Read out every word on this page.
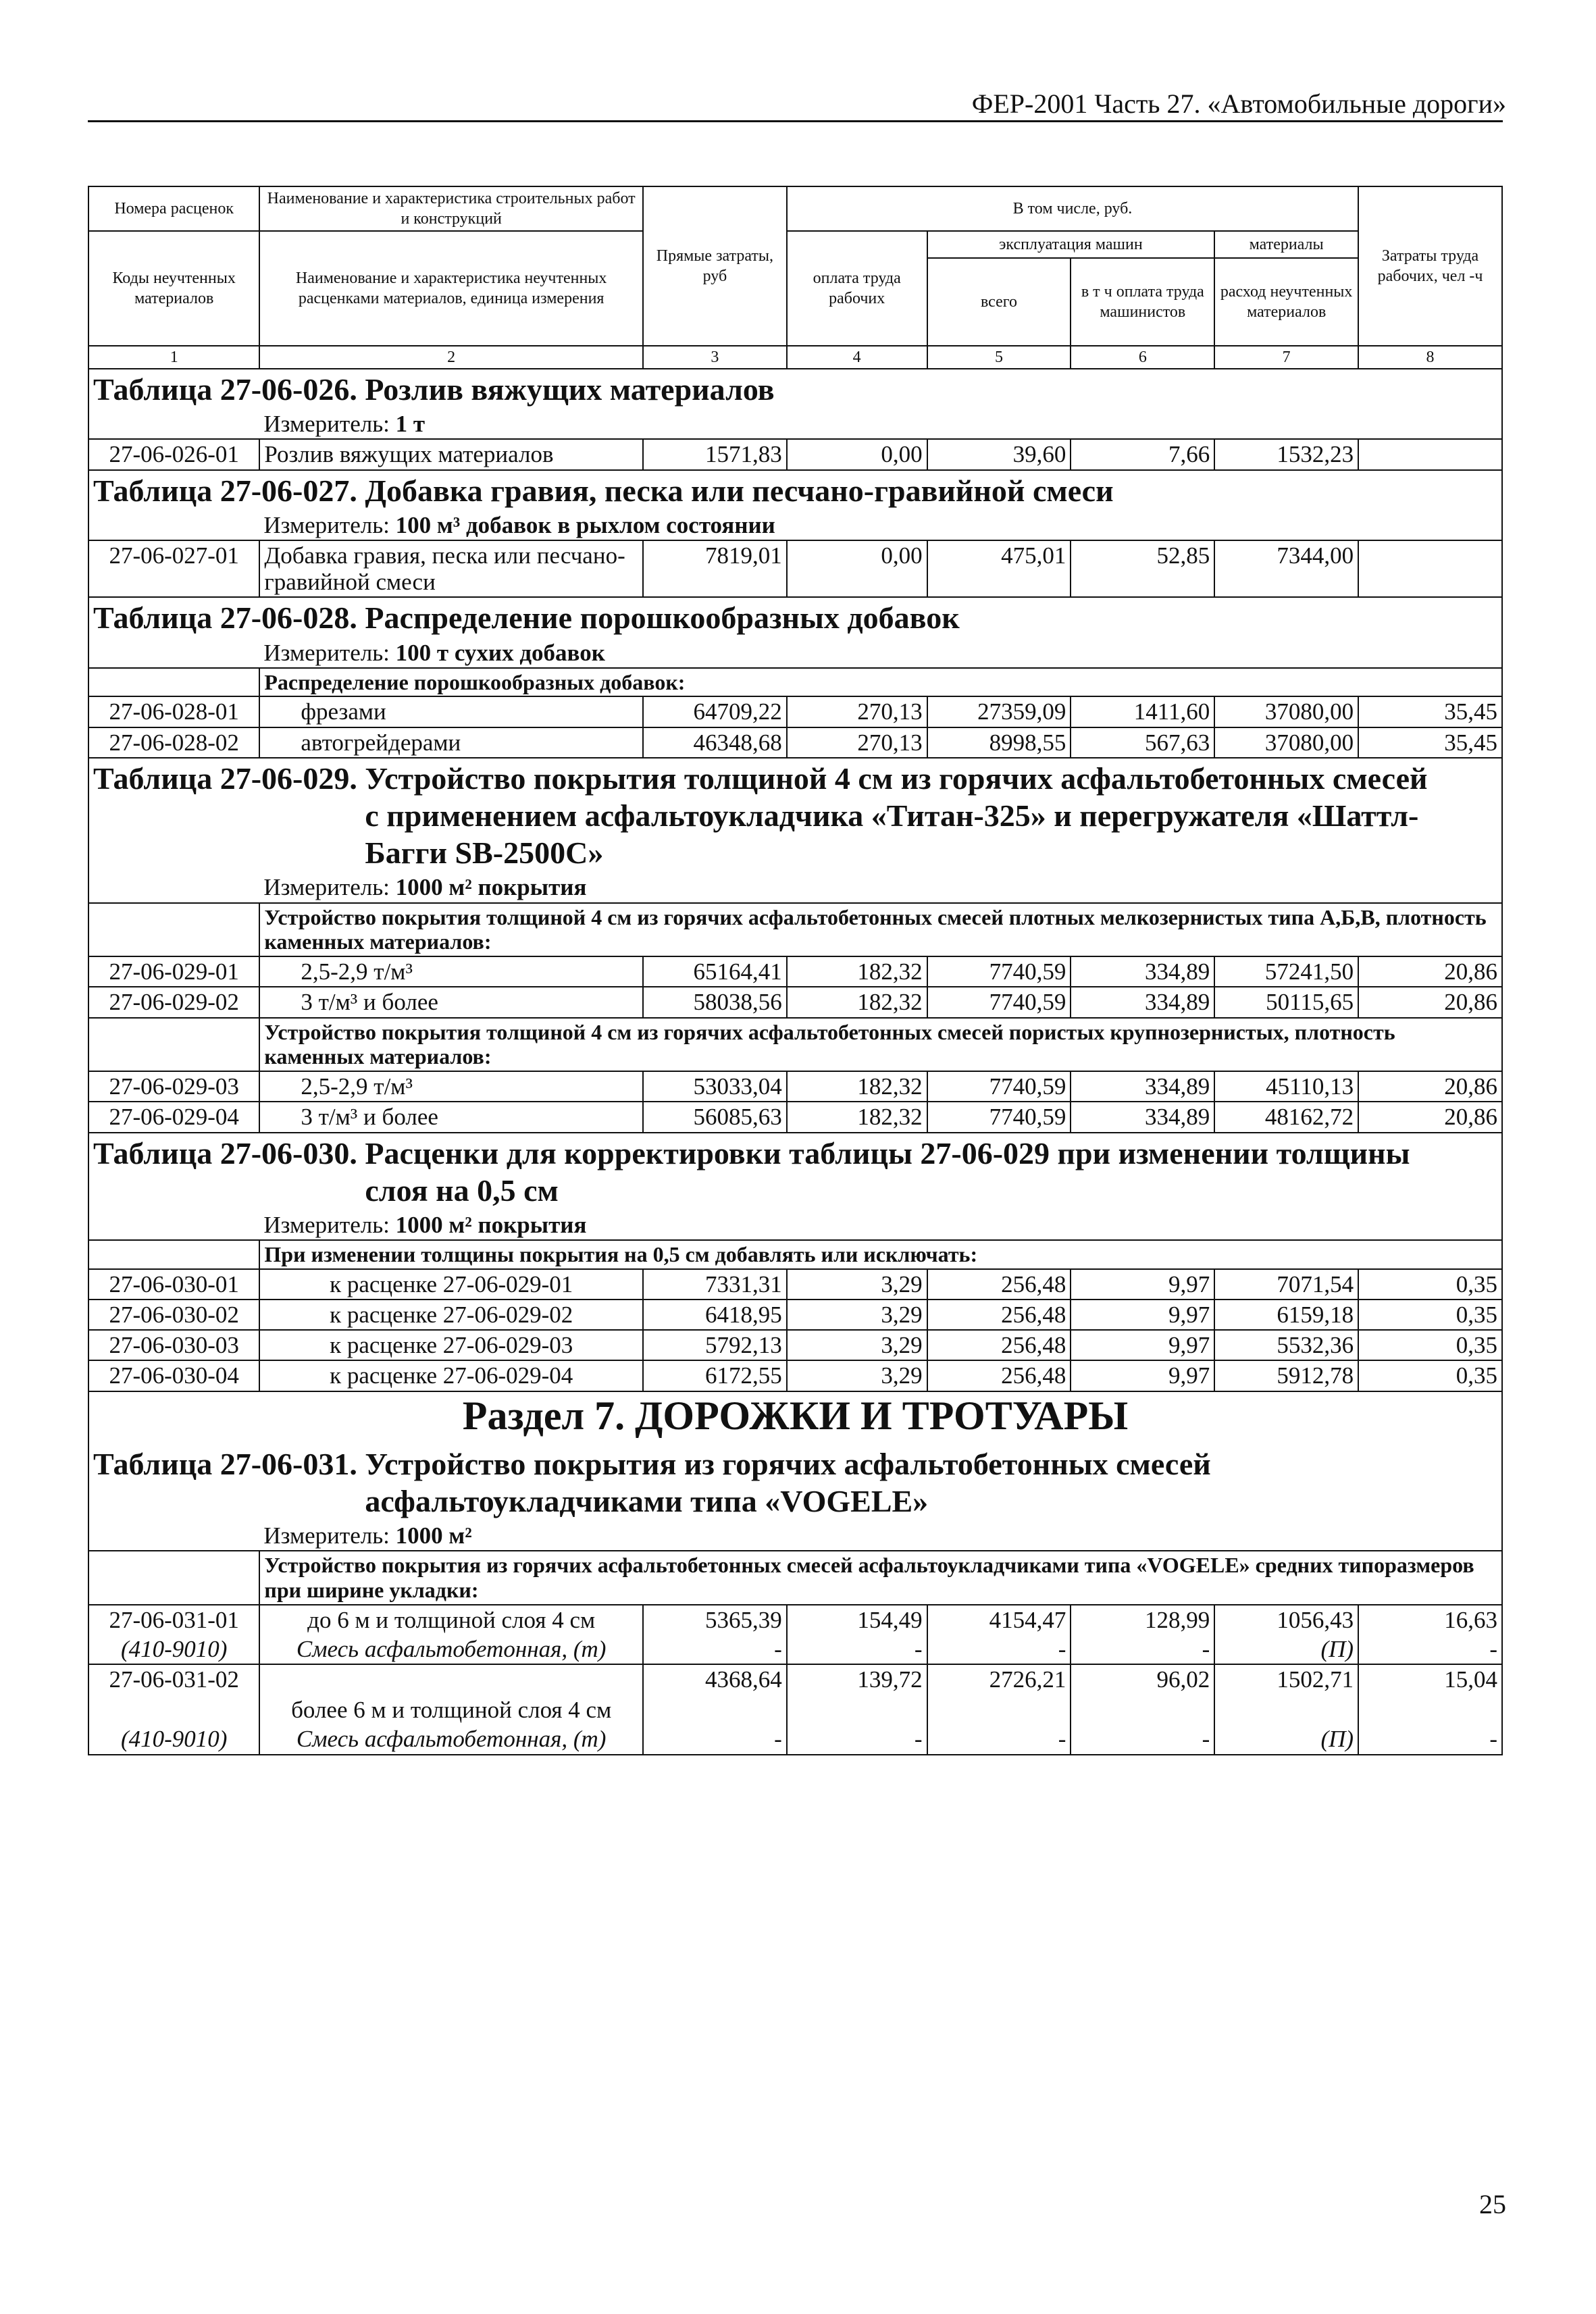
ФЕР-2001 Часть 27. «Автомобильные дороги»
Номера расценок	Наименование и характеристика строительных работ и конструкций	Прямые затраты, руб	В том числе, руб.				Затраты труда рабочих, чел -ч
Коды неучтенных материалов	Наименование и характеристика неучтенных расценками материалов, единица измерения		оплата труда рабочих	эксплуатация машин		материалы	
				всего	в т ч оплата труда машинистов	расход неучтенных материалов	
1	2	3	4	5	6	7	8
Таблица 27-06-026. Розлив вяжущих материалов							
	Измеритель: 1 т						
27-06-026-01	Розлив вяжущих материалов	1571,83	0,00	39,60	7,66	1532,23	
Таблица 27-06-027. Добавка гравия, песка или песчано-гравийной смеси							
	Измеритель: 100 м³ добавок в рыхлом состоянии						
27-06-027-01	Добавка гравия, песка или песчано-гравийной смеси	7819,01	0,00	475,01	52,85	7344,00	
Таблица 27-06-028. Распределение порошкообразных добавок							
	Измеритель: 100 т сухих добавок						
	Распределение порошкообразных добавок:						
27-06-028-01	фрезами	64709,22	270,13	27359,09	1411,60	37080,00	35,45
27-06-028-02	автогрейдерами	46348,68	270,13	8998,55	567,63	37080,00	35,45
Таблица 27-06-029. Устройство покрытия толщиной 4 см из горячих асфальтобетонных смесей с применением асфальтоукладчика «Титан-325» и перегружателя «Шаттл-Багги SB-2500C»							
	Измеритель: 1000 м² покрытия						
	Устройство покрытия толщиной 4 см из горячих асфальтобетонных смесей плотных мелкозернистых типа А,Б,В, плотность каменных материалов:						
27-06-029-01	2,5-2,9 т/м³	65164,41	182,32	7740,59	334,89	57241,50	20,86
27-06-029-02	3 т/м³ и более	58038,56	182,32	7740,59	334,89	50115,65	20,86
	Устройство покрытия толщиной 4 см из горячих асфальтобетонных смесей пористых крупнозернистых, плотность каменных материалов:						
27-06-029-03	2,5-2,9 т/м³	53033,04	182,32	7740,59	334,89	45110,13	20,86
27-06-029-04	3 т/м³ и более	56085,63	182,32	7740,59	334,89	48162,72	20,86
Таблица 27-06-030. Расценки для корректировки таблицы 27-06-029 при изменении толщины слоя на 0,5 см							
	Измеритель: 1000 м² покрытия						
	При изменении толщины покрытия на 0,5 см добавлять или исключать:						
27-06-030-01	к расценке 27-06-029-01	7331,31	3,29	256,48	9,97	7071,54	0,35
27-06-030-02	к расценке 27-06-029-02	6418,95	3,29	256,48	9,97	6159,18	0,35
27-06-030-03	к расценке 27-06-029-03	5792,13	3,29	256,48	9,97	5532,36	0,35
27-06-030-04	к расценке 27-06-029-04	6172,55	3,29	256,48	9,97	5912,78	0,35
Раздел 7. ДОРОЖКИ И ТРОТУАРЫ							
Таблица 27-06-031. Устройство покрытия из горячих асфальтобетонных смесей асфальтоукладчиками типа «VOGELE»							
	Измеритель: 1000 м²						
	Устройство покрытия из горячих асфальтобетонных смесей асфальтоукладчиками типа «VOGELE» средних типоразмеров при ширине укладки:						
27-06-031-01	до 6 м и толщиной слоя 4 см	5365,39	154,49	4154,47	128,99	1056,43	16,63
(410-9010)	Смесь асфальтобетонная, (т)	-	-	-	-	(П)	-
27-06-031-02	более 6 м и толщиной слоя 4 см	4368,64	139,72	2726,21	96,02	1502,71	15,04
(410-9010)	Смесь асфальтобетонная, (т)	-	-	-	-	(П)	-
25
